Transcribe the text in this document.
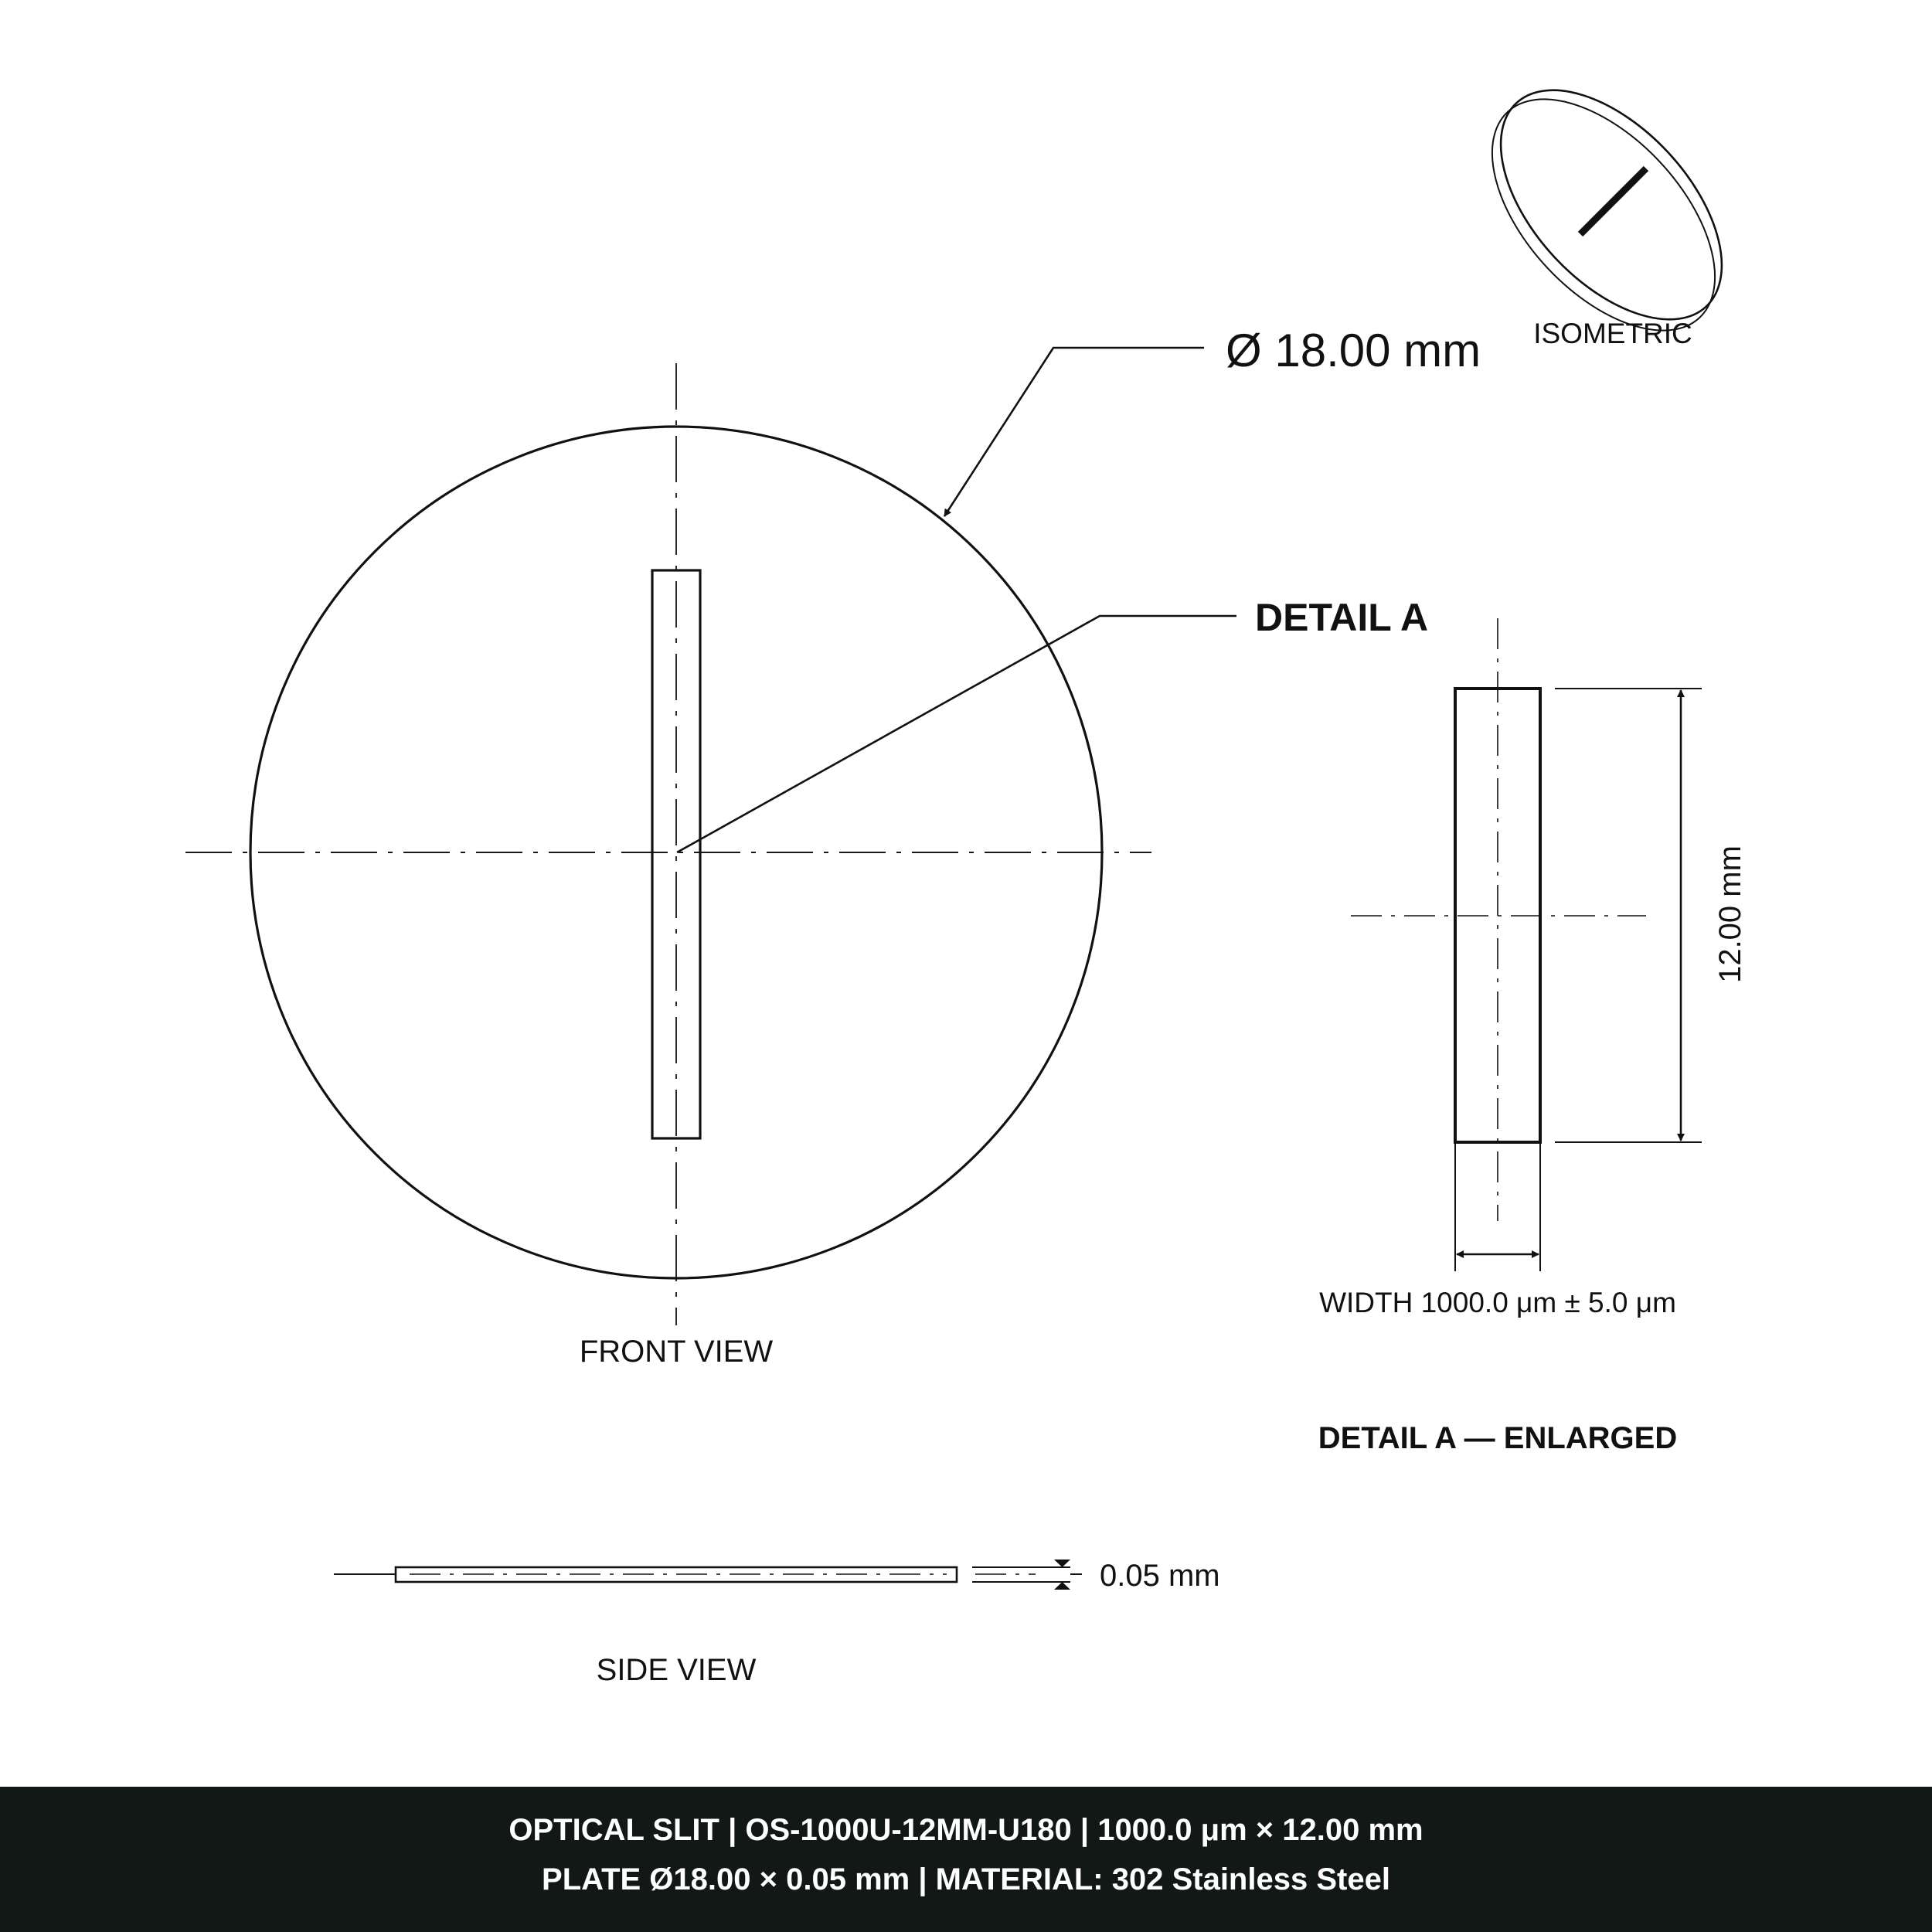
ISOMETRIC
FRONT VIEW
Ø 18.00 mm
DETAIL A
12.00 mm
WIDTH 1000.0 μm ± 5.0 μm
DETAIL A — ENLARGED
0.05 mm
SIDE VIEW
OPTICAL SLIT | OS-1000U-12MM-U180 | 1000.0 μm × 12.00 mm
PLATE Ø18.00 × 0.05 mm | MATERIAL: 302 Stainless Steel
